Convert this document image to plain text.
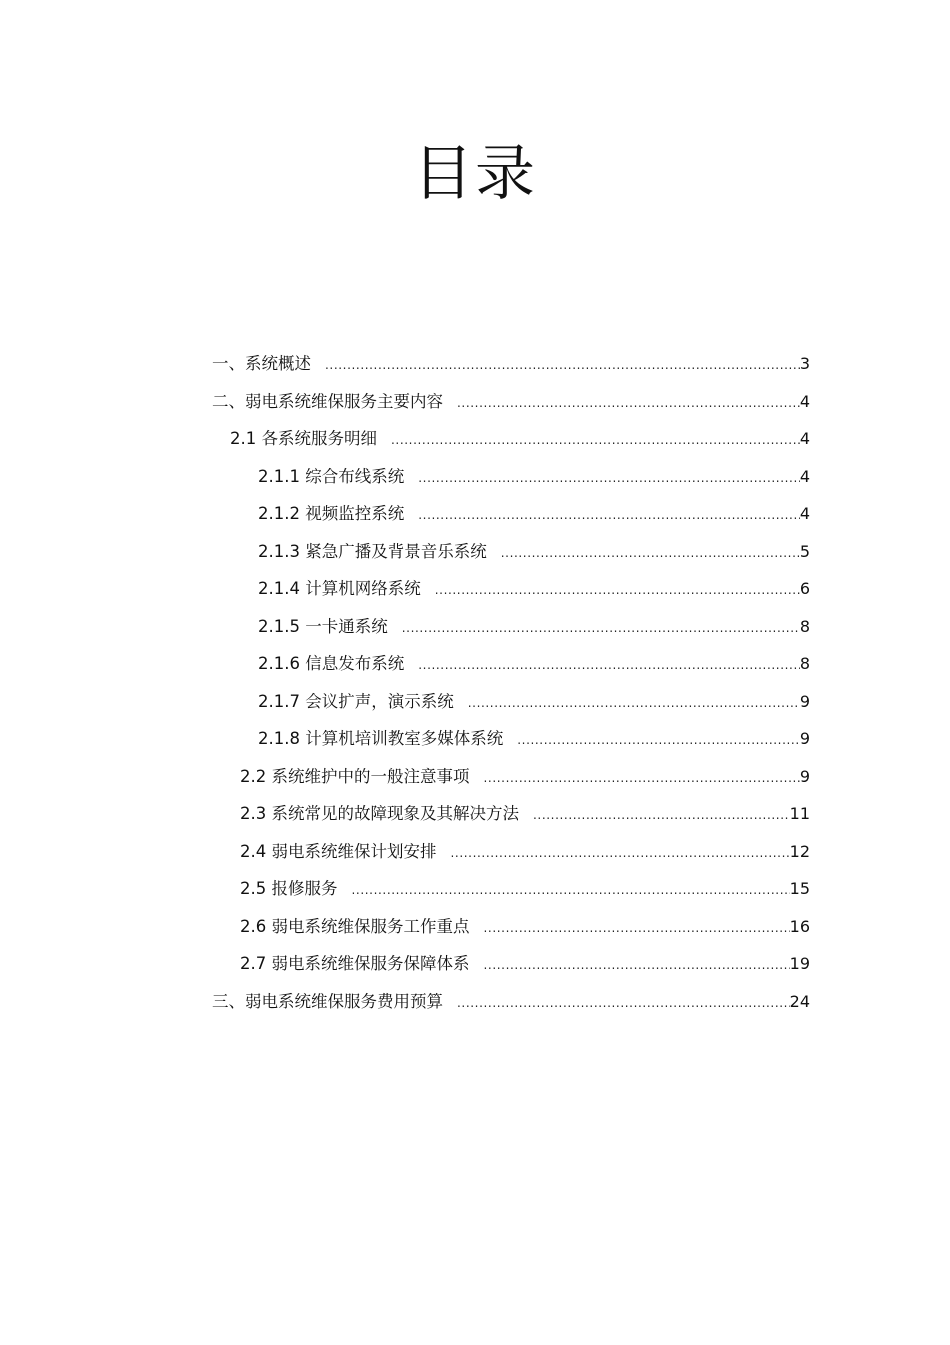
目录
一、系统概述 .....	3
二、弱电系统维保服务主要内容 .....	4
2.1 各系统服务明细 .....	4
2.1.1 综合布线系统 .....	4
2.1.2 视频监控系统 .....	4
2.1.3 紧急广播及背景音乐系统 .....	5
2.1.4 计算机网络系统 .....	6
2.1.5 一卡通系统 .....	8
2.1.6 信息发布系统 .....	8
2.1.7 会议扩声，演示系统 .....	9
2.1.8 计算机培训教室多媒体系统 .....	9
2.2 系统维护中的一般注意事项 .....	9
2.3 系统常见的故障现象及其解决方法 .....	11
2.4 弱电系统维保计划安排 .....	12
2.5 报修服务 .....	15
2.6 弱电系统维保服务工作重点 .....	16
2.7 弱电系统维保服务保障体系 .....	19
三、弱电系统维保服务费用预算 .....	24
